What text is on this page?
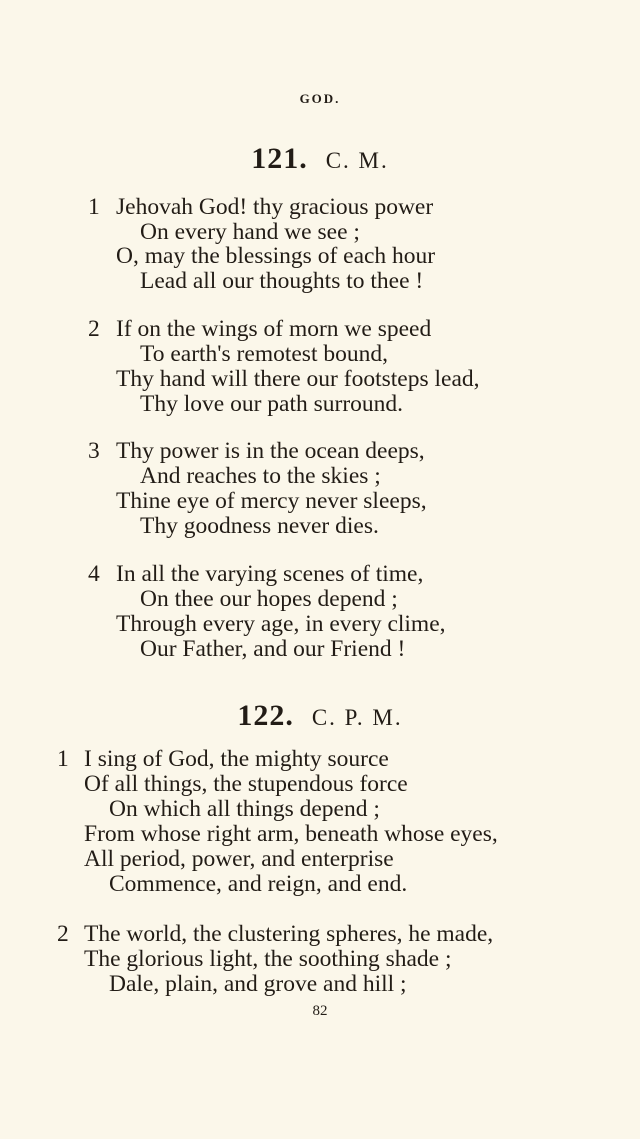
GOD.
121. C. M.
1 Jehovah God! thy gracious power
On every hand we see ;
O, may the blessings of each hour
Lead all our thoughts to thee !
2 If on the wings of morn we speed
To earth's remotest bound,
Thy hand will there our footsteps lead,
Thy love our path surround.
3 Thy power is in the ocean deeps,
And reaches to the skies ;
Thine eye of mercy never sleeps,
Thy goodness never dies.
4 In all the varying scenes of time,
On thee our hopes depend ;
Through every age, in every clime,
Our Father, and our Friend !
122. C. P. M.
1 I sing of God, the mighty source
Of all things, the stupendous force
On which all things depend ;
From whose right arm, beneath whose eyes,
All period, power, and enterprise
Commence, and reign, and end.
2 The world, the clustering spheres, he made,
The glorious light, the soothing shade ;
Dale, plain, and grove and hill ;
82
